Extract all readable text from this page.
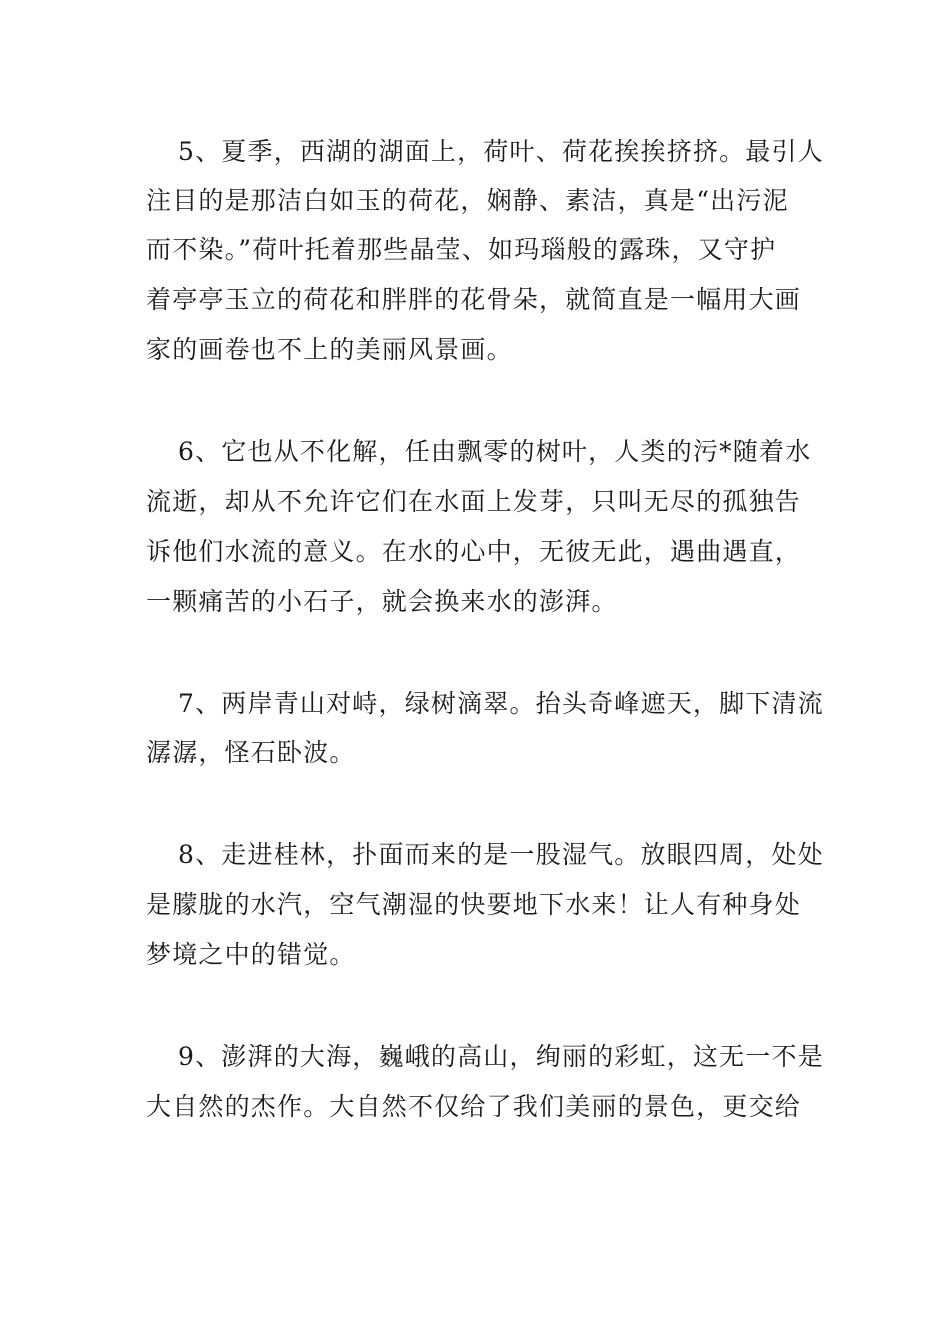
5、夏季，西湖的湖面上，荷叶、荷花挨挨挤挤。最引人

注目的是那洁白如玉的荷花，娴静、素洁，真是“出污泥

而不染。”荷叶托着那些晶莹、如玛瑙般的露珠，又守护

着亭亭玉立的荷花和胖胖的花骨朵，就简直是一幅用大画

家的画卷也不上的美丽风景画。

6、它也从不化解，任由飘零的树叶，人类的污*随着水

流逝，却从不允许它们在水面上发芽，只叫无尽的孤独告

诉他们水流的意义。在水的心中，无彼无此，遇曲遇直，

一颗痛苦的小石子，就会换来水的澎湃。

7、两岸青山对峙，绿树滴翠。抬头奇峰遮天，脚下清流

潺潺，怪石卧波。

8、走进桂林，扑面而来的是一股湿气。放眼四周，处处

是朦胧的水汽，空气潮湿的快要地下水来！让人有种身处

梦境之中的错觉。

9、澎湃的大海，巍峨的高山，绚丽的彩虹，这无一不是

大自然的杰作。大自然不仅给了我们美丽的景色，更交给
